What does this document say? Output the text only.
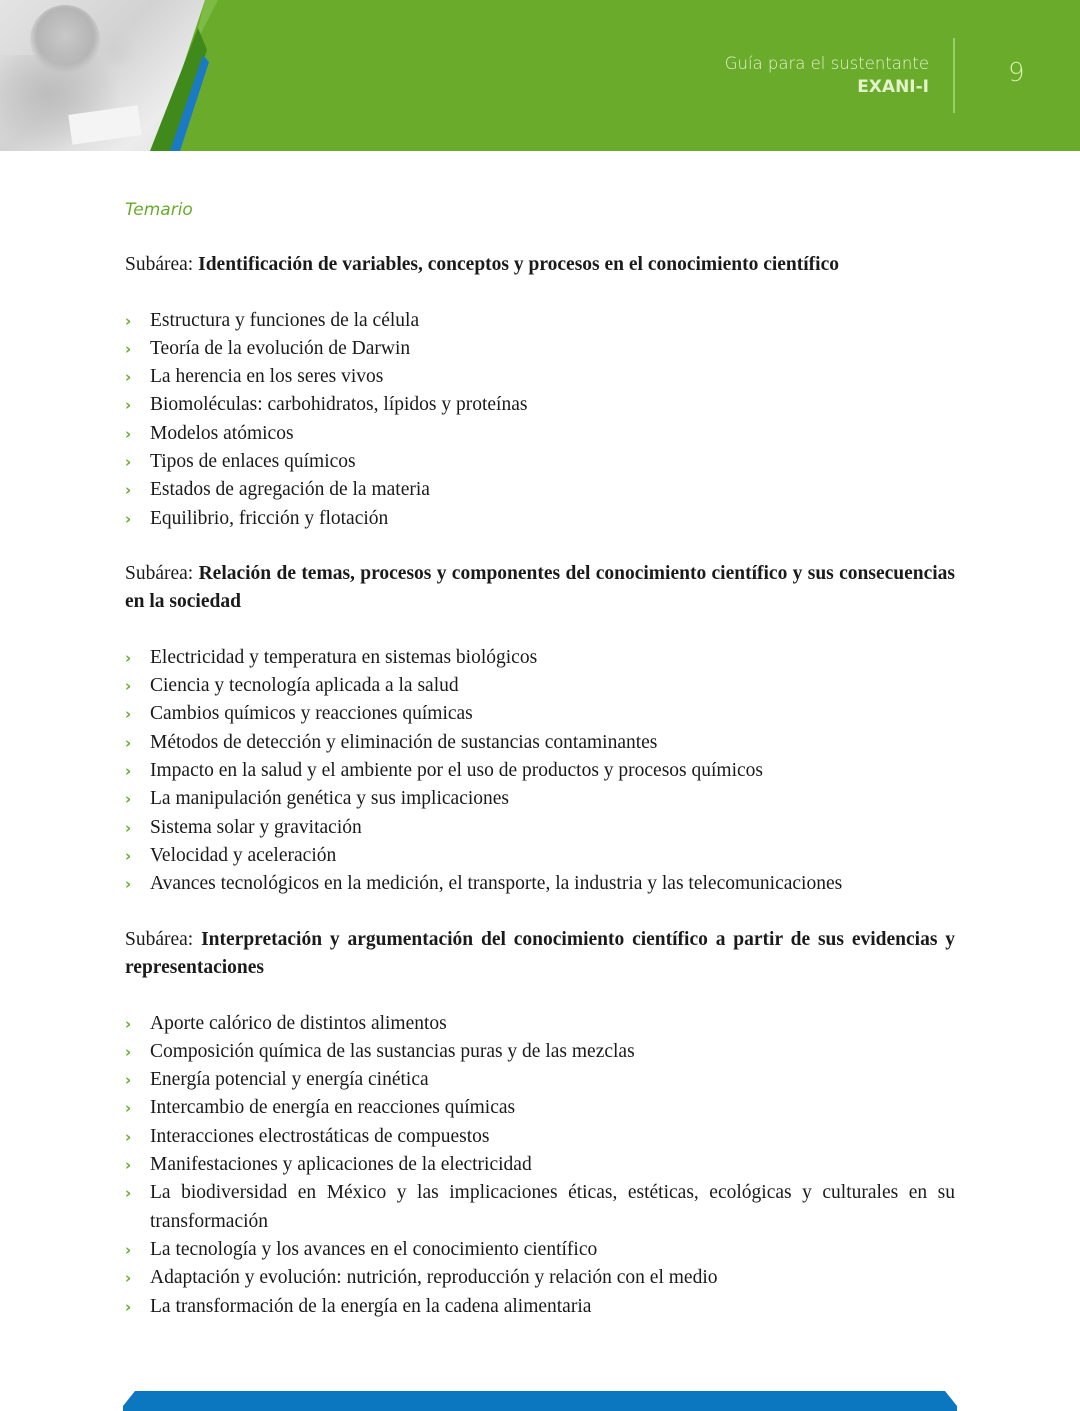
Guía para el sustentante
EXANI-I	9
Temario

Subárea: Identificación de variables, conceptos y procesos en el conocimiento científico

› Estructura y funciones de la célula
› Teoría de la evolución de Darwin
› La herencia en los seres vivos
› Biomoléculas: carbohidratos, lípidos y proteínas
› Modelos atómicos
› Tipos de enlaces químicos
› Estados de agregación de la materia
› Equilibrio, fricción y flotación

Subárea: Relación de temas, procesos y componentes del conocimiento científico y sus consecuencias en la sociedad

› Electricidad y temperatura en sistemas biológicos
› Ciencia y tecnología aplicada a la salud
› Cambios químicos y reacciones químicas
› Métodos de detección y eliminación de sustancias contaminantes
› Impacto en la salud y el ambiente por el uso de productos y procesos químicos
› La manipulación genética y sus implicaciones
› Sistema solar y gravitación
› Velocidad y aceleración
› Avances tecnológicos en la medición, el transporte, la industria y las telecomunicaciones

Subárea: Interpretación y argumentación del conocimiento científico a partir de sus evidencias y representaciones

› Aporte calórico de distintos alimentos
› Composición química de las sustancias puras y de las mezclas
› Energía potencial y energía cinética
› Intercambio de energía en reacciones químicas
› Interacciones electrostáticas de compuestos
› Manifestaciones y aplicaciones de la electricidad
› La biodiversidad en México y las implicaciones éticas, estéticas, ecológicas y culturales en su transformación
› La tecnología y los avances en el conocimiento científico
› Adaptación y evolución: nutrición, reproducción y relación con el medio
› La transformación de la energía en la cadena alimentaria
